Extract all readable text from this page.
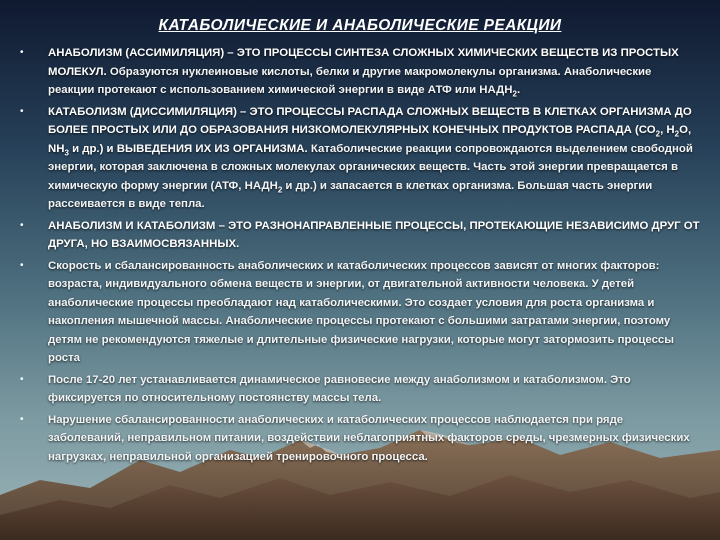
КАТАБОЛИЧЕСКИЕ И АНАБОЛИЧЕСКИЕ РЕАКЦИИ
• АНАБОЛИЗМ (АССИМИЛЯЦИЯ) – ЭТО ПРОЦЕССЫ СИНТЕЗА СЛОЖНЫХ ХИМИЧЕСКИХ ВЕЩЕСТВ ИЗ ПРОСТЫХ МОЛЕКУЛ. Образуются нуклеиновые кислоты, белки и другие макромолекулы организма. Анаболические реакции протекают с использованием химической энергии в виде АТФ или $НАДН_2$.

• КАТАБОЛИЗМ (ДИССИМИЛЯЦИЯ) – ЭТО ПРОЦЕССЫ РАСПАДА СЛОЖНЫХ ВЕЩЕСТВ В КЛЕТКАХ ОРГАНИЗМА ДО БОЛЕЕ ПРОСТЫХ ИЛИ ДО ОБРАЗОВАНИЯ НИЗКОМОЛЕКУЛЯРНЫХ КОНЕЧНЫХ ПРОДУКТОВ РАСПАДА ($СО_2$, $Н_2О$, $NH_3$ и др.) и ВЫВЕДЕНИЯ ИХ ИЗ ОРГАНИЗМА. Катаболические реакции сопровождаются выделением свободной энергии, которая заключена в сложных молекулах органических веществ. Часть этой энергии превращается в химическую форму энергии (АТФ, $НАДН_2$ и др.) и запасается в клетках организма. Большая часть энергии рассеивается в виде тепла.

• АНАБОЛИЗМ И КАТАБОЛИЗМ – ЭТО РАЗНОНАПРАВЛЕННЫЕ ПРОЦЕССЫ, ПРОТЕКАЮЩИЕ НЕЗАВИСИМО ДРУГ ОТ ДРУГА, НО ВЗАИМОСВЯЗАННЫХ.

• Скорость и сбалансированность анаболических и катаболических процессов зависят от многих факторов: возраста, индивидуального обмена веществ и энергии, от двигательной активности человека. У детей анаболические процессы преобладают над катаболическими. Это создает условия для роста организма и накопления мышечной массы. Анаболические процессы протекают с большими затратами энергии, поэтому детям не рекомендуются тяжелые и длительные физические нагрузки, которые могут затормозить процессы роста

• После 17-20 лет устанавливается динамическое равновесие между анаболизмом и катаболизмом. Это фиксируется по относительному постоянству массы тела.

• Нарушение сбалансированности анаболических и катаболических процессов наблюдается при ряде заболеваний, неправильном питании, воздействии неблагоприятных факторов среды, чрезмерных физических нагрузках, неправильной организацией тренировочного процесса.
